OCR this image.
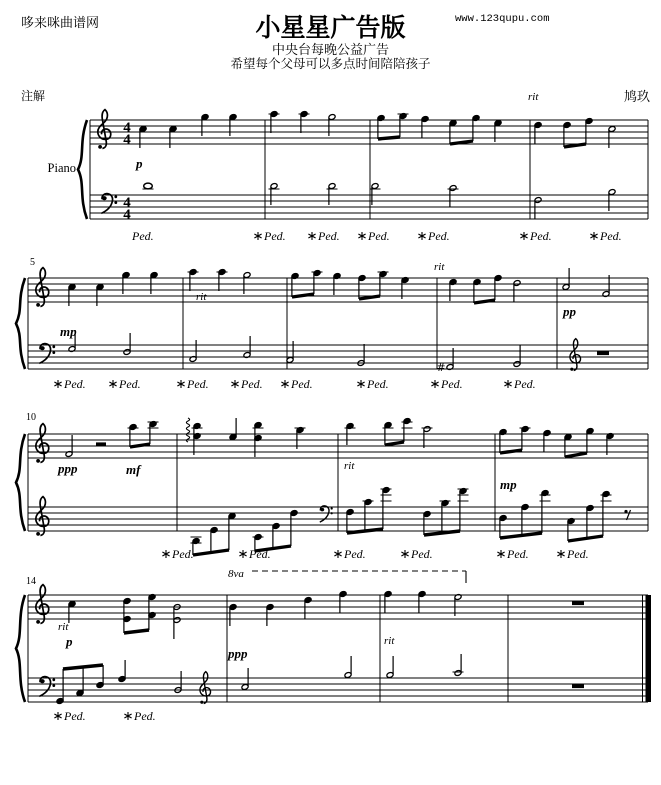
哆来咪曲谱网	小星星广告版	www.123qupu.com
中央台每晚公益广告
希望每个父母可以多点时间陪陪孩子
注解	鸠玖
Piano
4
4
4
4
p
rit
Ped.	Ped.	Ped. Ped.	Ped.	Ped.	Ped.
5
#
mp
rit
rit
pp
Ped.	Ped.	Ped.	Ped. Ped.	Ped.	Ped.	Ped.
10
ppp	mf	rit
mp
Ped.	Ped.	Ped.	Ped.	Ped.	Ped.
14
rit
p
ppp
rit
Ped.	Ped.
8va
